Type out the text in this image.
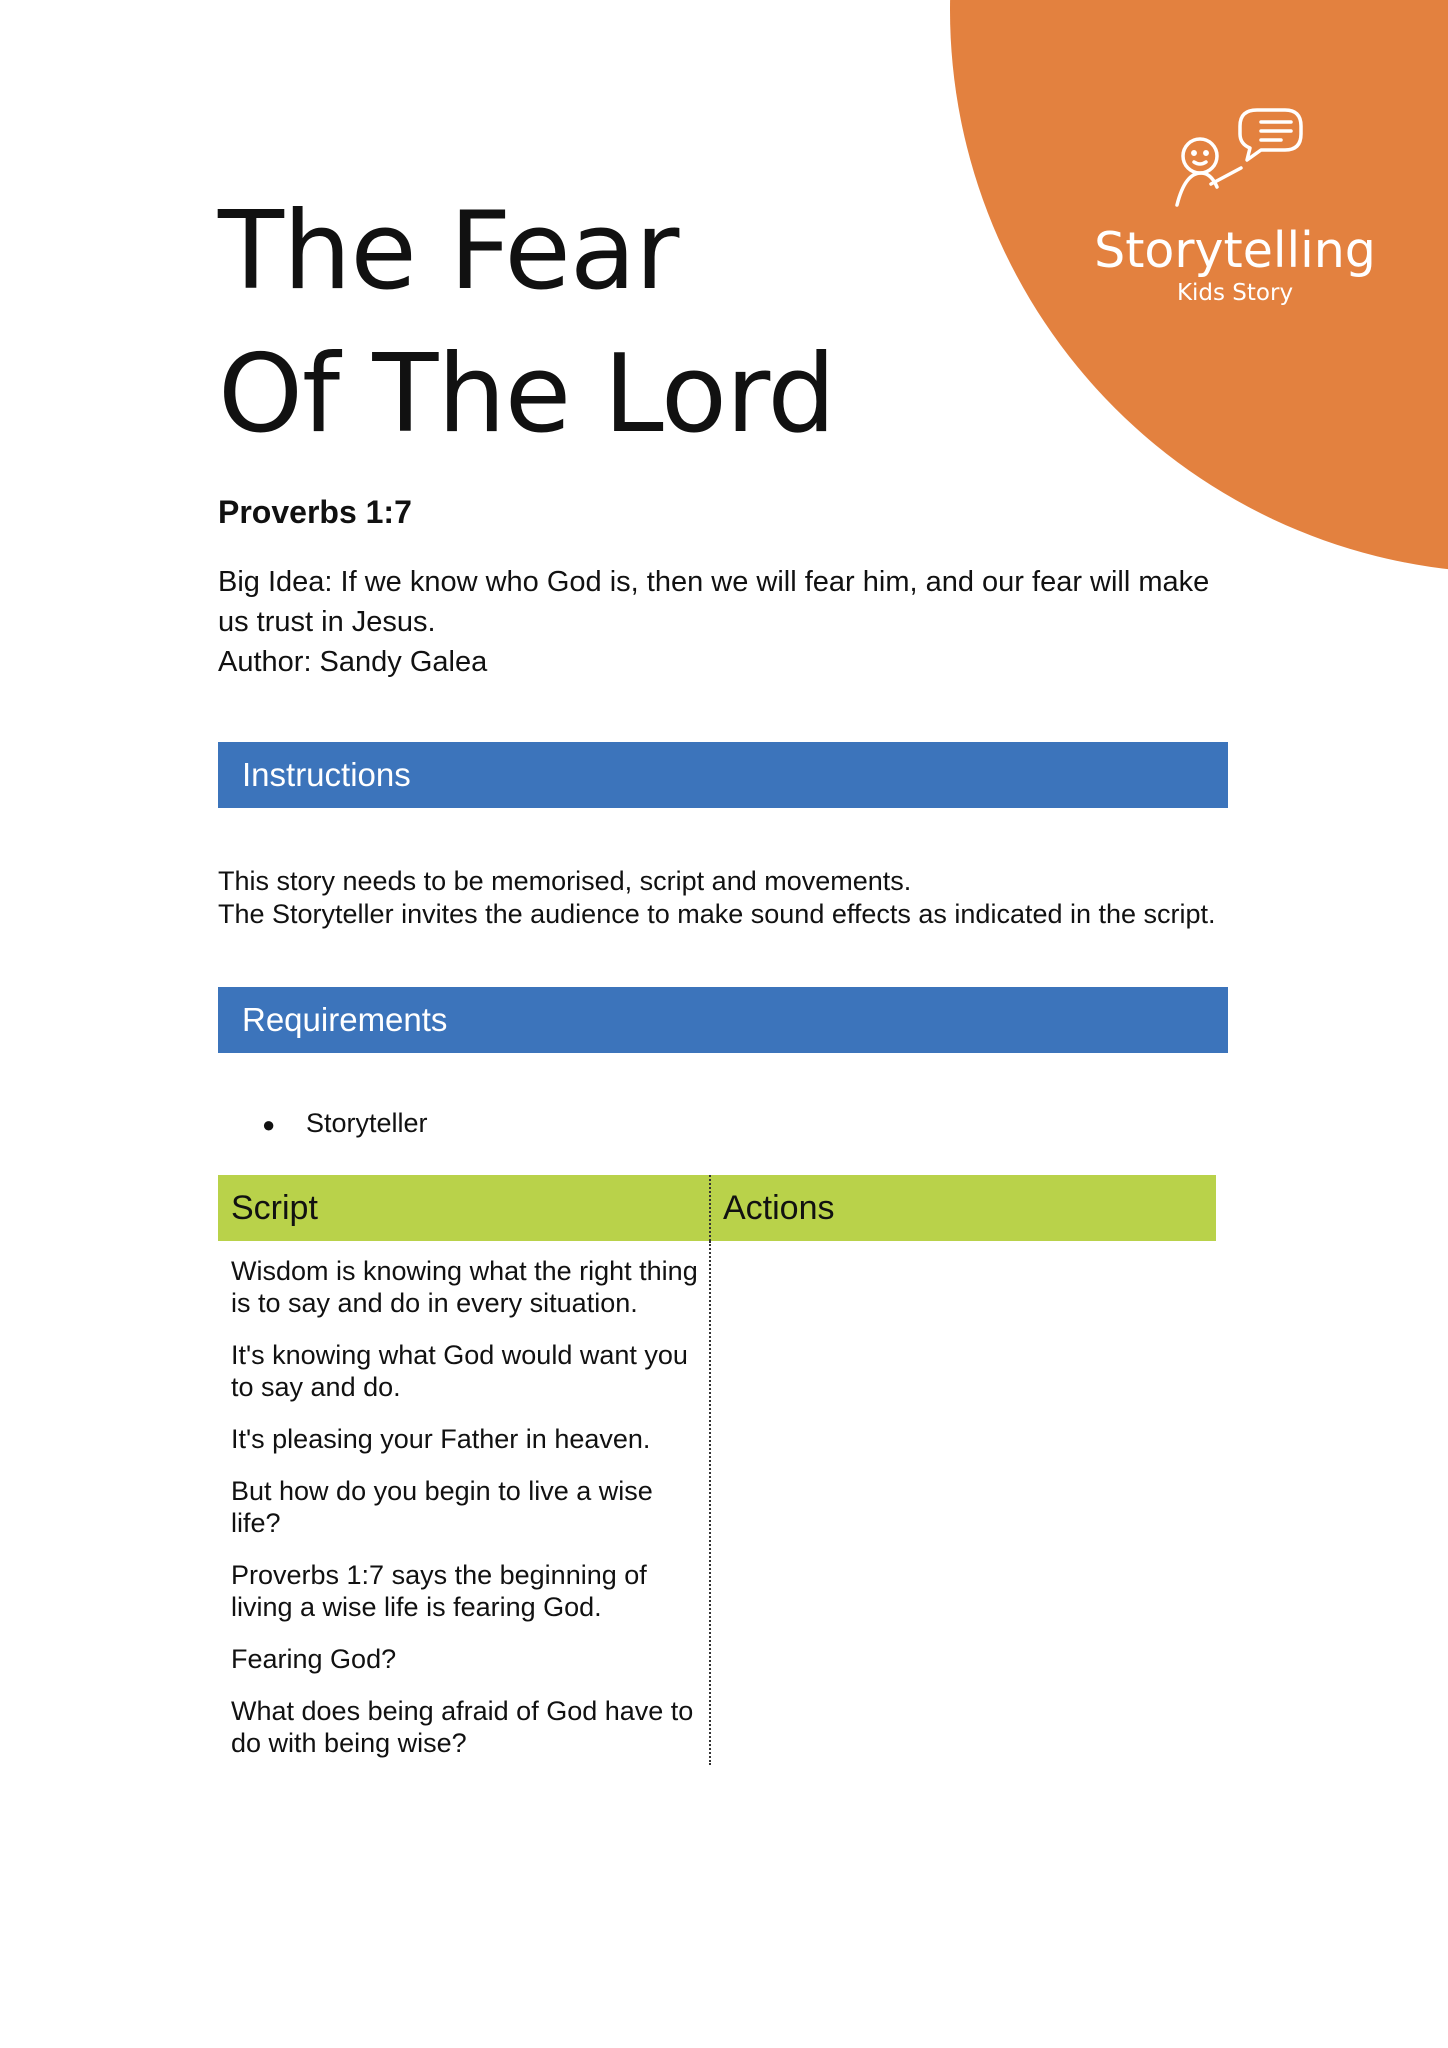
Storytelling
Kids Story
The Fear
Of The Lord
Proverbs 1:7

Big Idea: If we know who God is, then we will fear him, and our fear will make us trust in Jesus.

Author: Sandy Galea

Instructions

This story needs to be memorised, script and movements.

The Storyteller invites the audience to make sound effects as indicated in the script.

Requirements
● Storyteller
Script	Actions

Wisdom is knowing what the right thing is to say and do in every situation.

It's knowing what God would want you to say and do.

It's pleasing your Father in heaven.

But how do you begin to live a wise life?

Proverbs 1:7 says the beginning of living a wise life is fearing God.

Fearing God?

What does being afraid of God have to do with being wise?
